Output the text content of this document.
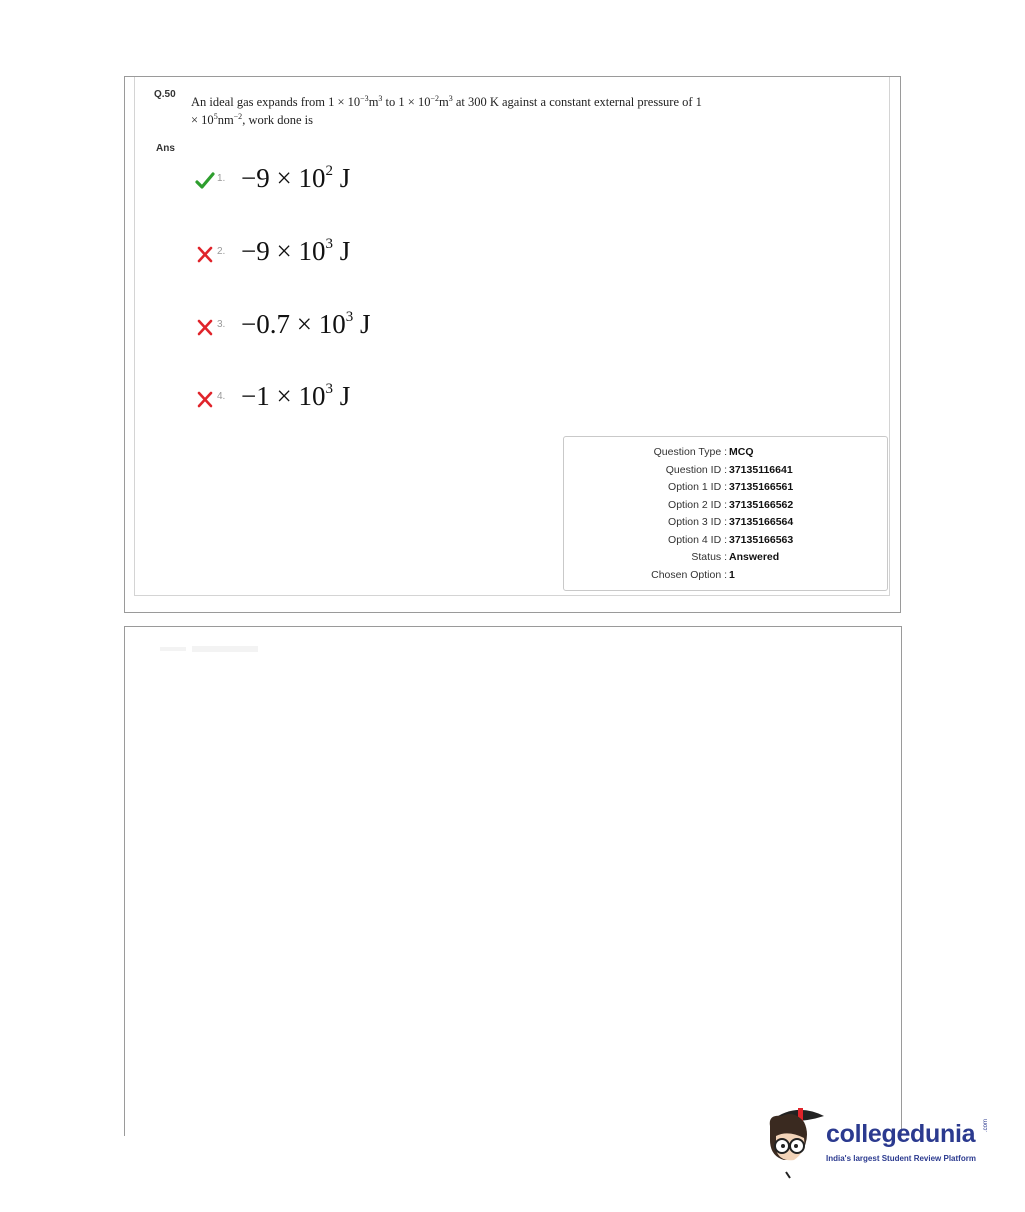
Q.50
An ideal gas expands from $1 \times 10^{-3}m^3$ to $1 \times 10^{-2}m^3$ at 300 K against a constant external pressure of $1 \times 10^5nm^{-2}$, work done is
Ans
1. $-9 \times 10^2$ J
2. $-9 \times 10^3$ J
3. $-0.7 \times 10^3$ J
4. $-1 \times 10^3$ J
Question Type : MCQ
Question ID : 37135116641
Option 1 ID : 37135166561
Option 2 ID : 37135166562
Option 3 ID : 37135166564
Option 4 ID : 37135166563
Status : Answered
Chosen Option : 1
collegedunia .com
India's largest Student Review Platform
